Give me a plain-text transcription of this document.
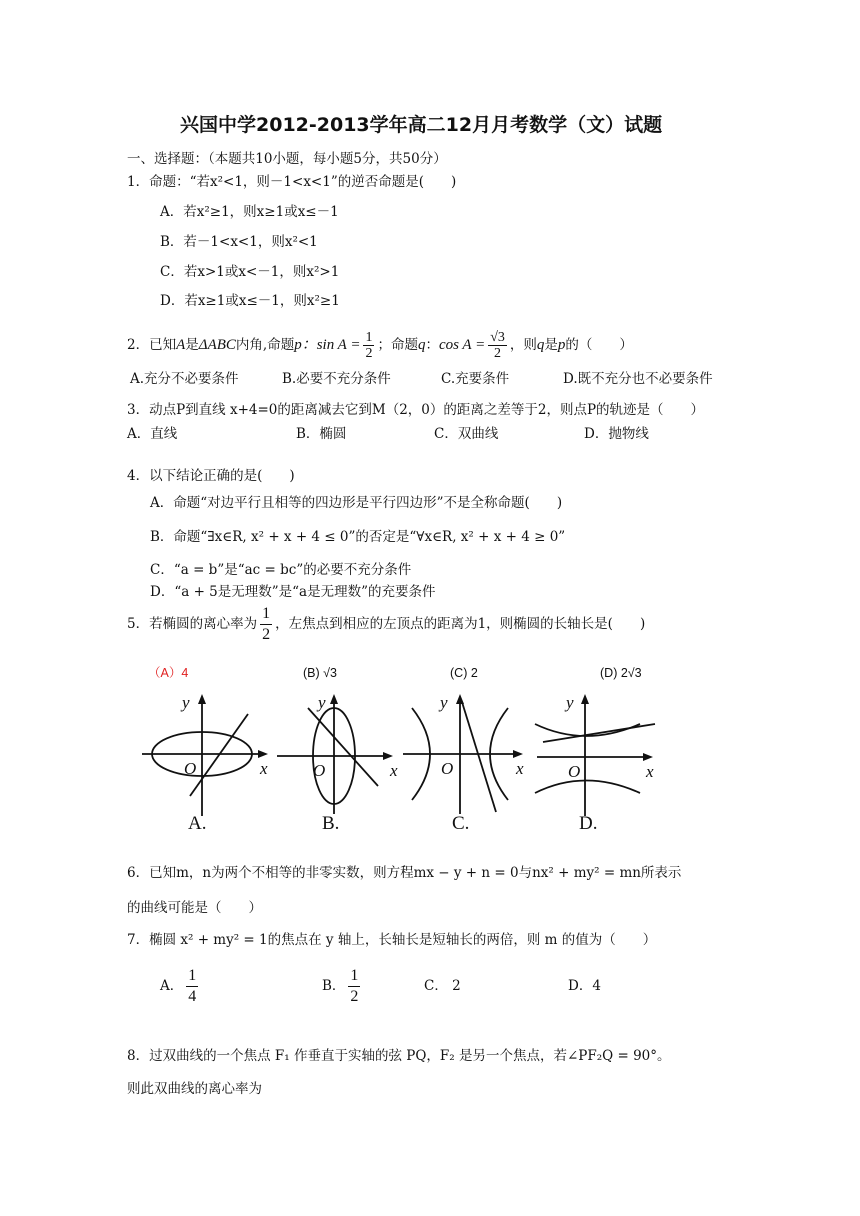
兴国中学2012-2013学年高二12月月考数学（文）试题
一、选择题：（本题共10小题，每小题5分，共50分）
1．命题：“若x²<1，则－1<x<1”的逆否命题是(　　)
A．若x²≥1，则x≥1或x≤－1
B．若－1<x<1，则x²<1
C．若x>1或x<－1，则x²>1
D．若x≥1或x≤－1，则x²≥1
2．已知A是ΔABC内角,命题p：$\sin A = \frac{1}{2}$ ；命题q：$\cos A = \frac{√3}{2}$ ，则q是p的（　　）
A.充分不必要条件	B.必要不充分条件	C.充要条件	D.既不充分也不必要条件
3．动点P到直线 x+4=0的距离减去它到M（2，0）的距离之差等于2，则点P的轨迹是（　　）
A．直线	B．椭圆	C．双曲线	D．抛物线
4．以下结论正确的是(　　)
A．命题“对边平行且相等的四边形是平行四边形”不是全称命题(　　)
B．命题“∃x∈R, x² + x + 4 ≤ 0”的否定是“∀x∈R, x² + x + 4 ≥ 0”
C．“a = b”是“ac = bc”的必要不充分条件
D．“a + 5是无理数”是“a是无理数”的充要条件
5．若椭圆的离心率为 $\frac{1}{2}$ ，左焦点到相应的左顶点的距离为1，则椭圆的长轴长是(　　)
（A）4	(B) √3	(C) 2	(D) 2√3
y
x
O
y
x
O
y
x
O
y
x
O
A.	B.	C.	D.
6．已知m，n为两个不相等的非零实数，则方程mx − y + n = 0与nx² + my² = mn所表示
的曲线可能是（　　）
7．椭圆 x² + my² = 1的焦点在 y 轴上，长轴长是短轴长的两倍，则 m 的值为（　　）
A． $\frac{1}{4}$	B． $\frac{1}{2}$	C． 2	D．4
8．过双曲线的一个焦点 F₁ 作垂直于实轴的弦 PQ，F₂ 是另一个焦点，若∠PF₂Q = 90°。
则此双曲线的离心率为
